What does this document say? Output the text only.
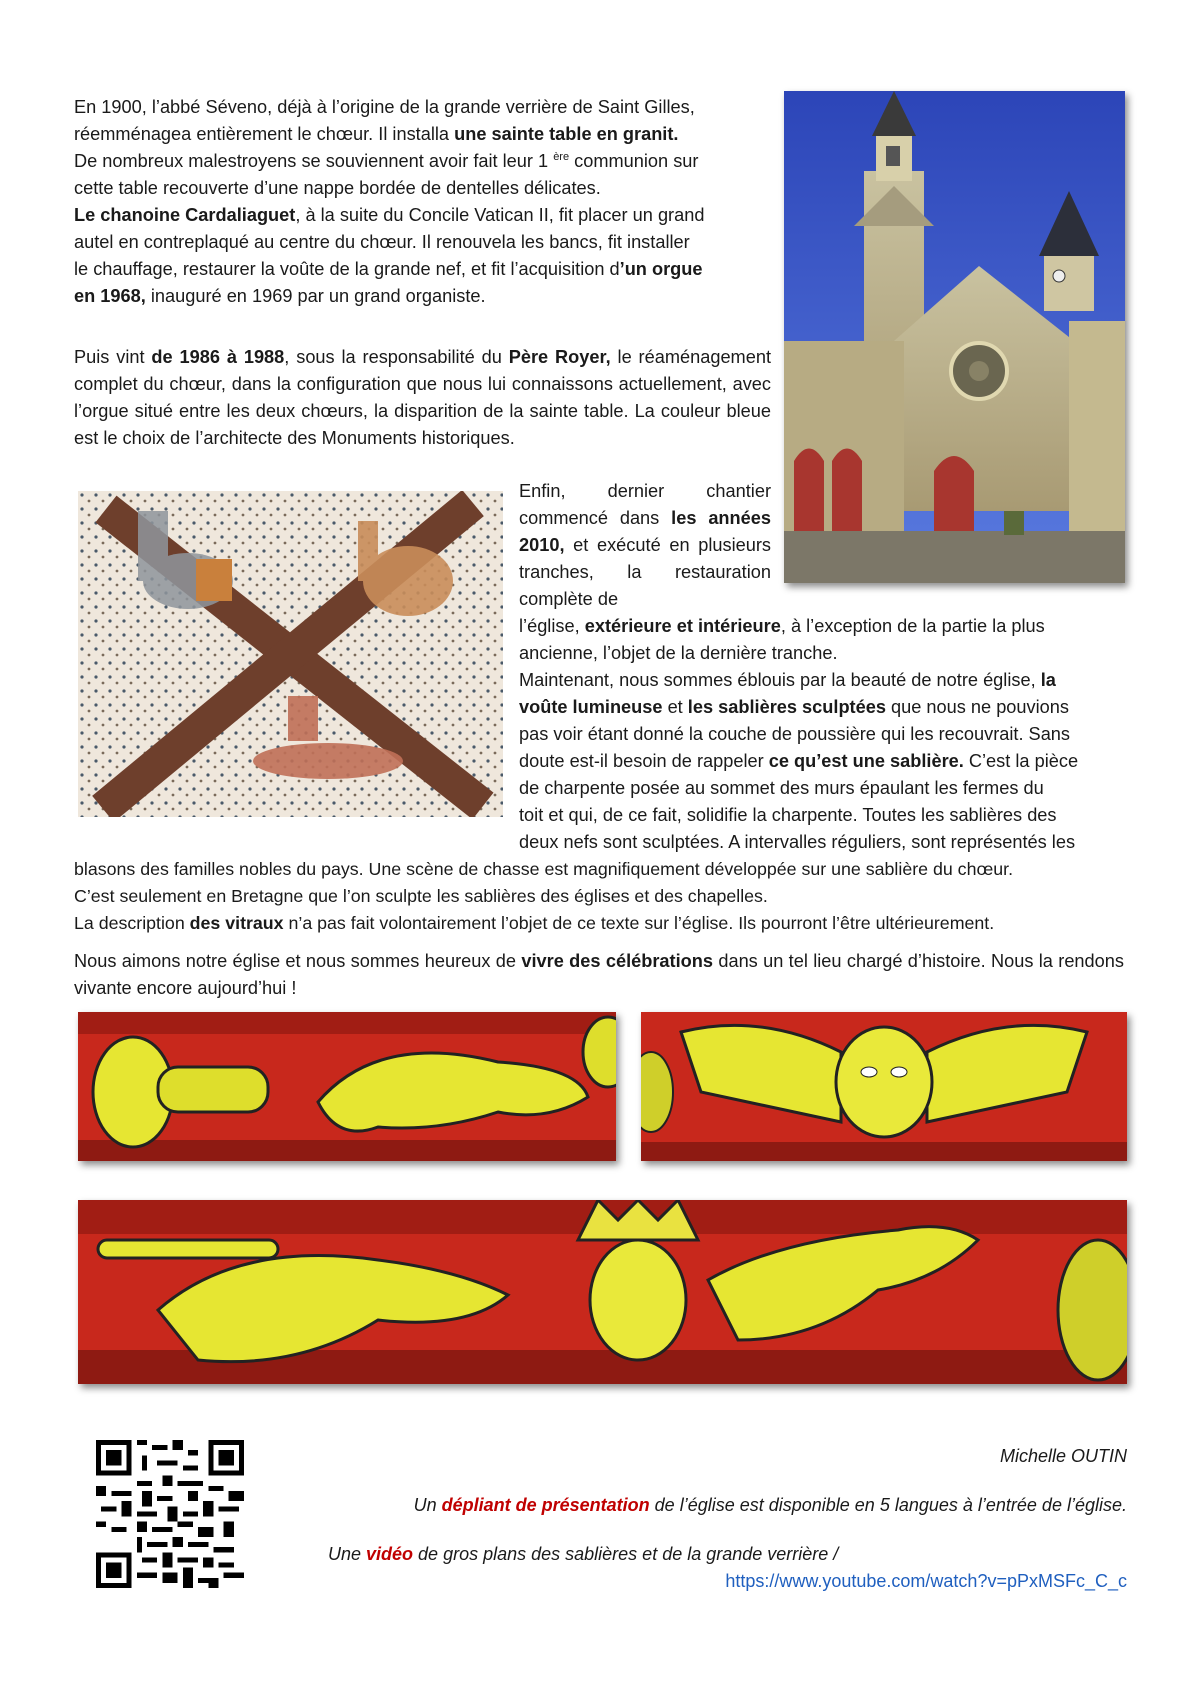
En 1900, l’abbé Séveno, déjà à l’origine de la grande verrière de Saint Gilles,
réemménagea entièrement le chœur. Il installa une sainte table en granit.
De nombreux malestroyens se souviennent avoir fait leur 1 $^{ère}$ communion sur
cette table recouverte d’une nappe bordée de dentelles délicates.
Le chanoine Cardaliaguet, à la suite du Concile Vatican II, fit placer un grand
autel en contreplaqué au centre du chœur. Il renouvela les bancs, fit installer
le chauffage, restaurer la voûte de la grande nef, et fit l’acquisition d’un orgue
en 1968, inauguré en 1969 par un grand organiste.
Puis vint de 1986 à 1988, sous la responsabilité du Père Royer, le réaménagement complet du chœur, dans la configuration que nous lui connaissons actuellement, avec l’orgue situé entre les deux chœurs, la disparition de la sainte table. La couleur bleue est le choix de l’architecte des Monuments historiques.
Enfin, dernier chantier commencé dans les années 2010, et exécuté en plusieurs tranches, la restauration complète de
l’église, extérieure et intérieure, à l’exception de la partie la plus
ancienne, l’objet de la dernière tranche.
Maintenant, nous sommes éblouis par la beauté de notre église, la
voûte lumineuse et les sablières sculptées que nous ne pouvions
pas voir étant donné la couche de poussière qui les recouvrait. Sans
doute est-il besoin de rappeler ce qu’est une sablière. C’est la pièce
de charpente posée au sommet des murs épaulant les fermes du
toit et qui, de ce fait, solidifie la charpente. Toutes les sablières des
deux nefs sont sculptées. A intervalles réguliers, sont représentés les
blasons des familles nobles du pays. Une scène de chasse est magnifiquement développée sur une sablière du chœur.
C’est seulement en Bretagne que l’on sculpte les sablières des églises et des chapelles.
La description des vitraux n’a pas fait volontairement l’objet de ce texte sur l’église. Ils pourront l’être ultérieurement.
Nous aimons notre église et nous sommes heureux de vivre des célébrations dans un tel lieu chargé d’histoire. Nous la rendons vivante encore aujourd’hui !
Michelle OUTIN
Un dépliant de présentation de l’église est disponible en 5 langues à l’entrée de l’église.
Une vidéo de gros plans des sablières et de la grande verrière /
https://www.youtube.com/watch?v=pPxMSFc_C_c
